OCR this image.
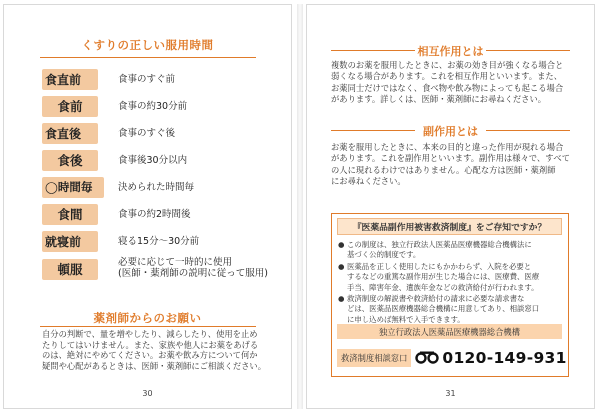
くすりの正しい服用時間
食直前	食事のすぐ前
食前	食事の約30分前
食直後	食事のすぐ後
食後	食事後30分以内
◯時間毎	決められた時間毎
食間	食事の約2時間後
就寝前	寝る15分〜30分前
頓服	必要に応じて一時的に使用
(医師・薬剤師の説明に従って服用)
薬剤師からのお願い

自分の判断で、量を増やしたり、減らしたり、使用を止め
たりしてはいけません。また、家族や他人にお薬をあげる
のは、絶対にやめてください。お薬や飲み方について何か
疑問や心配があるときは、医師・薬剤師にご相談ください。

30
相互作用とは

複数のお薬を服用したときに、お薬の効き目が強くなる場合と
弱くなる場合があります。これを相互作用といいます。また、
お薬同士だけではなく、食べ物や飲み物によっても起こる場合
があります。詳しくは、医師・薬剤師にお尋ねください。

副作用とは

お薬を服用したときに、本来の目的と違った作用が現れる場合
があります。これを副作用といいます。副作用は様々で、すべて
の人に現れるわけではありません。心配な方は医師・薬剤師
にお尋ねください。

『医薬品副作用被害救済制度』をご存知ですか？
● この制度は、独立行政法人医薬品医療機器総合機構法に
基づく公的制度です。
● 医薬品を正しく使用したにもかかわらず、入院を必要と
するなどの重篤な副作用が生じた場合には、医療費、医療
手当、障害年金、遺族年金などの救済給付が行われます。
● 救済制度の解説書や救済給付の請求に必要な請求書な
どは、医薬品医療機器総合機構に用意してあり、相談窓口
に申し込めば無料で入手できます。
独立行政法人医薬品医療機器総合機構
救済制度相談窓口 0120-149-931
31
